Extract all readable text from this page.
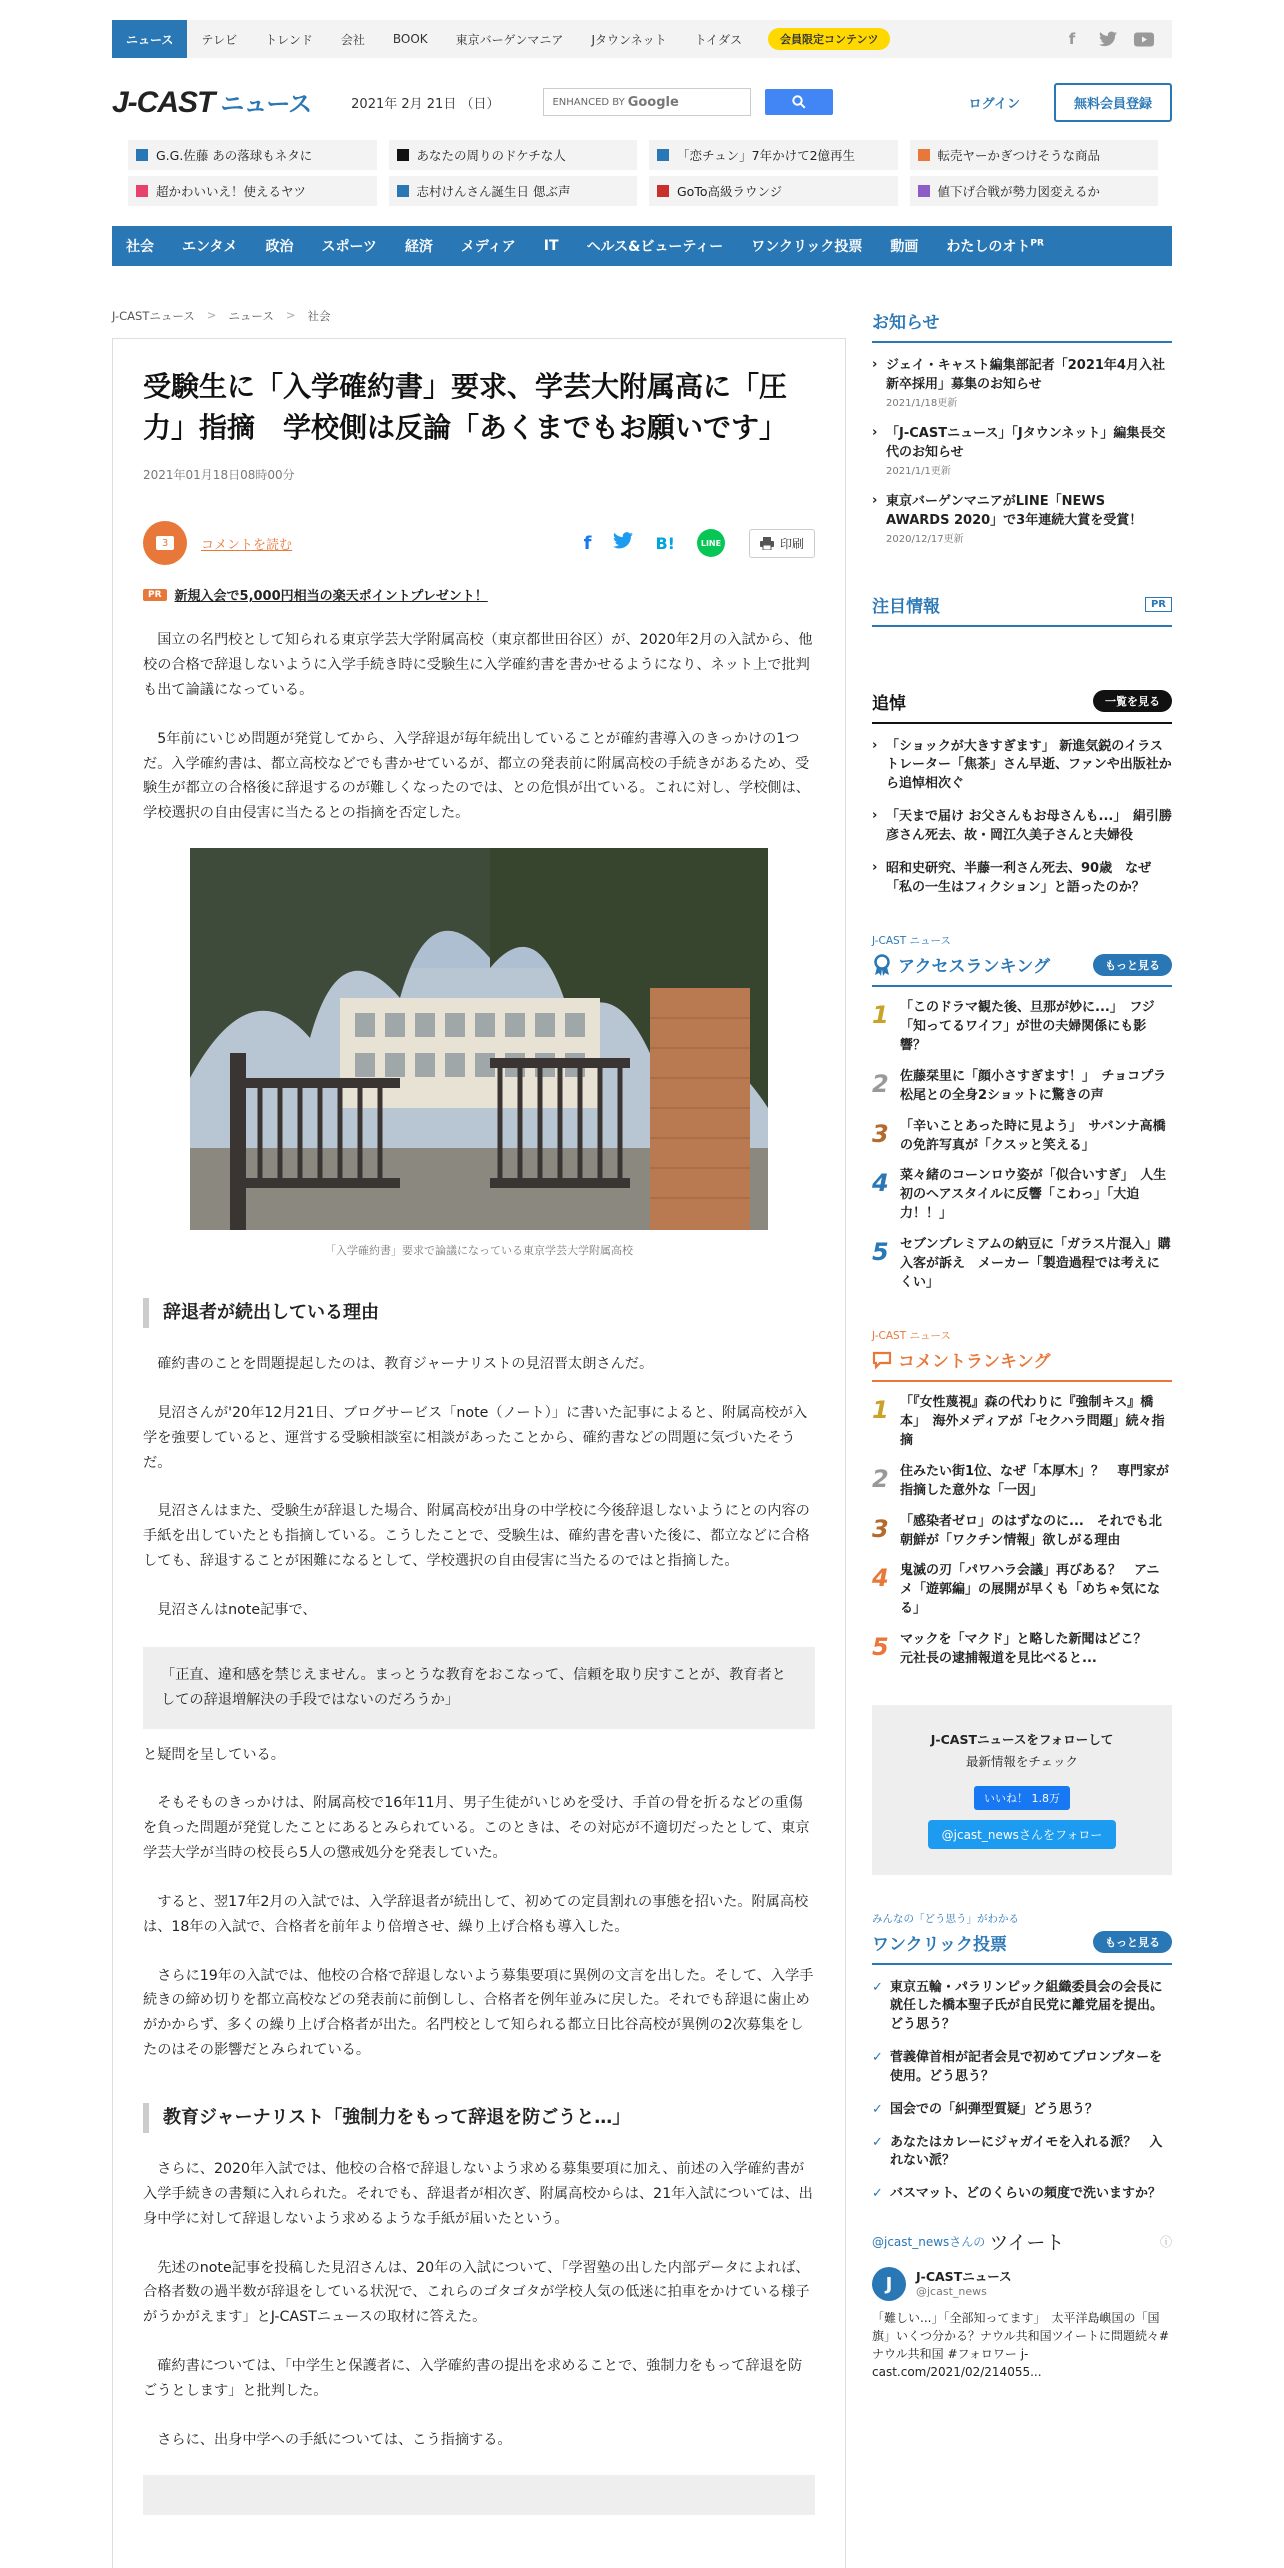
ニュース	テレビ	トレンド	会社	BOOK	東京バーゲンマニア	Jタウンネット	トイダス	会員限定コンテンツ	f
J-CAST ニュース	2021年 2月 21日 （日）	ENHANCED BY Google	ログイン	無料会員登録
G.G.佐藤 あの落球もネタに	あなたの周りのドケチな人	「恋チュン」7年かけて2億再生	転売ヤーかぎつけそうな商品
超かわいいえ！使えるヤツ	志村けんさん誕生日 偲ぶ声	GoTo高級ラウンジ	値下げ合戦が勢力図変えるか
社会 エンタメ 政治 スポーツ 経済 メディア IT ヘルス&ビューティー ワンクリック投票 動画 わたしのオト$^{PR}$
J-CASTニュース > ニュース > 社会
受験生に「入学確約書」要求、学芸大附属高に「圧力」指摘　学校側は反論「あくまでもお願いです」
2021年01月18日08時00分
3	コメントを読む	f	B!	LINE	印刷
PR	新規入会で5,000円相当の楽天ポイントプレゼント！

国立の名門校として知られる東京学芸大学附属高校（東京都世田谷区）が、2020年2月の入試から、他校の合格で辞退しないように入学手続き時に受験生に入学確約書を書かせるようになり、ネット上で批判も出て論議になっている。

5年前にいじめ問題が発覚してから、入学辞退が毎年続出していることが確約書導入のきっかけの1つだ。入学確約書は、都立高校などでも書かせているが、都立の発表前に附属高校の手続きがあるため、受験生が都立の合格後に辞退するのが難しくなったのでは、との危惧が出ている。これに対し、学校側は、学校選択の自由侵害に当たるとの指摘を否定した。

「入学確約書」要求で論議になっている東京学芸大学附属高校
辞退者が続出している理由

確約書のことを問題提起したのは、教育ジャーナリストの見沼晋太朗さんだ。

見沼さんが'20年12月21日、ブログサービス「note（ノート）」に書いた記事によると、附属高校が入学を強要していると、運営する受験相談室に相談があったことから、確約書などの問題に気づいたそうだ。

見沼さんはまた、受験生が辞退した場合、附属高校が出身の中学校に今後辞退しないようにとの内容の手紙を出していたとも指摘している。こうしたことで、受験生は、確約書を書いた後に、都立などに合格しても、辞退することが困難になるとして、学校選択の自由侵害に当たるのではと指摘した。

見沼さんはnote記事で、

「正直、違和感を禁じえません。まっとうな教育をおこなって、信頼を取り戻すことが、教育者としての辞退増解決の手段ではないのだろうか」

と疑問を呈している。

そもそものきっかけは、附属高校で16年11月、男子生徒がいじめを受け、手首の骨を折るなどの重傷を負った問題が発覚したことにあるとみられている。このときは、その対応が不適切だったとして、東京学芸大学が当時の校長ら5人の懲戒処分を発表していた。

すると、翌17年2月の入試では、入学辞退者が続出して、初めての定員割れの事態を招いた。附属高校は、18年の入試で、合格者を前年より倍増させ、繰り上げ合格も導入した。

さらに19年の入試では、他校の合格で辞退しないよう募集要項に異例の文言を出した。そして、入学手続きの締め切りを都立高校などの発表前に前倒しし、合格者を例年並みに戻した。それでも辞退に歯止めがかからず、多くの繰り上げ合格者が出た。名門校として知られる都立日比谷高校が異例の2次募集をしたのはその影響だとみられている。

教育ジャーナリスト「強制力をもって辞退を防ごうと…」

さらに、2020年入試では、他校の合格で辞退しないよう求める募集要項に加え、前述の入学確約書が入学手続きの書類に入れられた。それでも、辞退者が相次ぎ、附属高校からは、21年入試については、出身中学に対して辞退しないよう求めるような手紙が届いたという。

先述のnote記事を投稿した見沼さんは、20年の入試について、「学習塾の出した内部データによれば、合格者数の過半数が辞退をしている状況で、これらのゴタゴタが学校人気の低迷に拍車をかけている様子がうかがえます」とJ-CASTニュースの取材に答えた。

確約書については、「中学生と保護者に、入学確約書の提出を求めることで、強制力をもって辞退を防ごうとします」と批判した。

さらに、出身中学への手紙については、こう指摘する。

お知らせ
› ジェイ・キャスト編集部記者「2021年4月入社新卒採用」募集のお知らせ
2021/1/18更新
› 「J-CASTニュース」「Jタウンネット」編集長交代のお知らせ
2021/1/1更新
› 東京バーゲンマニアがLINE「NEWS AWARDS 2020」で3年連続大賞を受賞！
2020/12/17更新
注目情報	PR
追悼	一覧を見る
› 「ショックが大きすぎます」 新進気鋭のイラストレーター「焦茶」さん早逝、ファンや出版社から追悼相次ぐ
› 「天まで届け お父さんもお母さんも...」　絹引勝彦さん死去、故・岡江久美子さんと夫婦役
› 昭和史研究、半藤一利さん死去、90歳　なぜ「私の一生はフィクション」と語ったのか？
J-CAST ニュース
アクセスランキング	もっと見る
1 「このドラマ観た後、旦那が妙に...」　フジ「知ってるワイフ」が世の夫婦関係にも影響？
2 佐藤栞里に「顔小さすぎます！」　チョコプラ松尾との全身2ショットに驚きの声
3 「辛いことあった時に見よう」　サバンナ高橋の免許写真が「クスッと笑える」
4 菜々緒のコーンロウ姿が「似合いすぎ」　人生初のヘアスタイルに反響「こわっ」「大迫力！！」
5 セブンプレミアムの納豆に「ガラス片混入」購入客が訴え　メーカー「製造過程では考えにくい」
J-CAST ニュース
コメントランキング
1 「『女性蔑視』森の代わりに『強制キス』橋本」　海外メディアが「セクハラ問題」続々指摘
2 住みたい街1位、なぜ「本厚木」？　専門家が指摘した意外な「一因」
3 「感染者ゼロ」のはずなのに...　それでも北朝鮮が「ワクチン情報」欲しがる理由
4 鬼滅の刃「パワハラ会議」再びある？　アニメ「遊郭編」の展開が早くも「めちゃ気になる」
5 マックを「マクド」と略した新聞はどこ？　元社長の逮捕報道を見比べると...
J-CASTニュースをフォローして
最新情報をチェック
いいね！ 1.8万
@jcast_newsさんをフォロー
みんなの「どう思う」がわかる
ワンクリック投票	もっと見る
✓ 東京五輪・パラリンピック組織委員会の会長に就任した橋本聖子氏が自民党に離党届を提出。どう思う？
✓ 菅義偉首相が記者会見で初めてプロンプターを使用。どう思う？
✓ 国会での「糾弾型質疑」どう思う？
✓ あなたはカレーにジャガイモを入れる派？　入れない派？
✓ バスマット、どのくらいの頻度で洗いますか？
@jcast_newsさんの ツイート	ⓘ
J	J-CASTニュース
@jcast_news
「難しい...」「全部知ってます」　太平洋島嶼国の「国旗」いくつ分かる？ナウル共和国ツイートに問題続々#ナウル共和国 #フォロワー j-cast.com/2021/02/214055...
